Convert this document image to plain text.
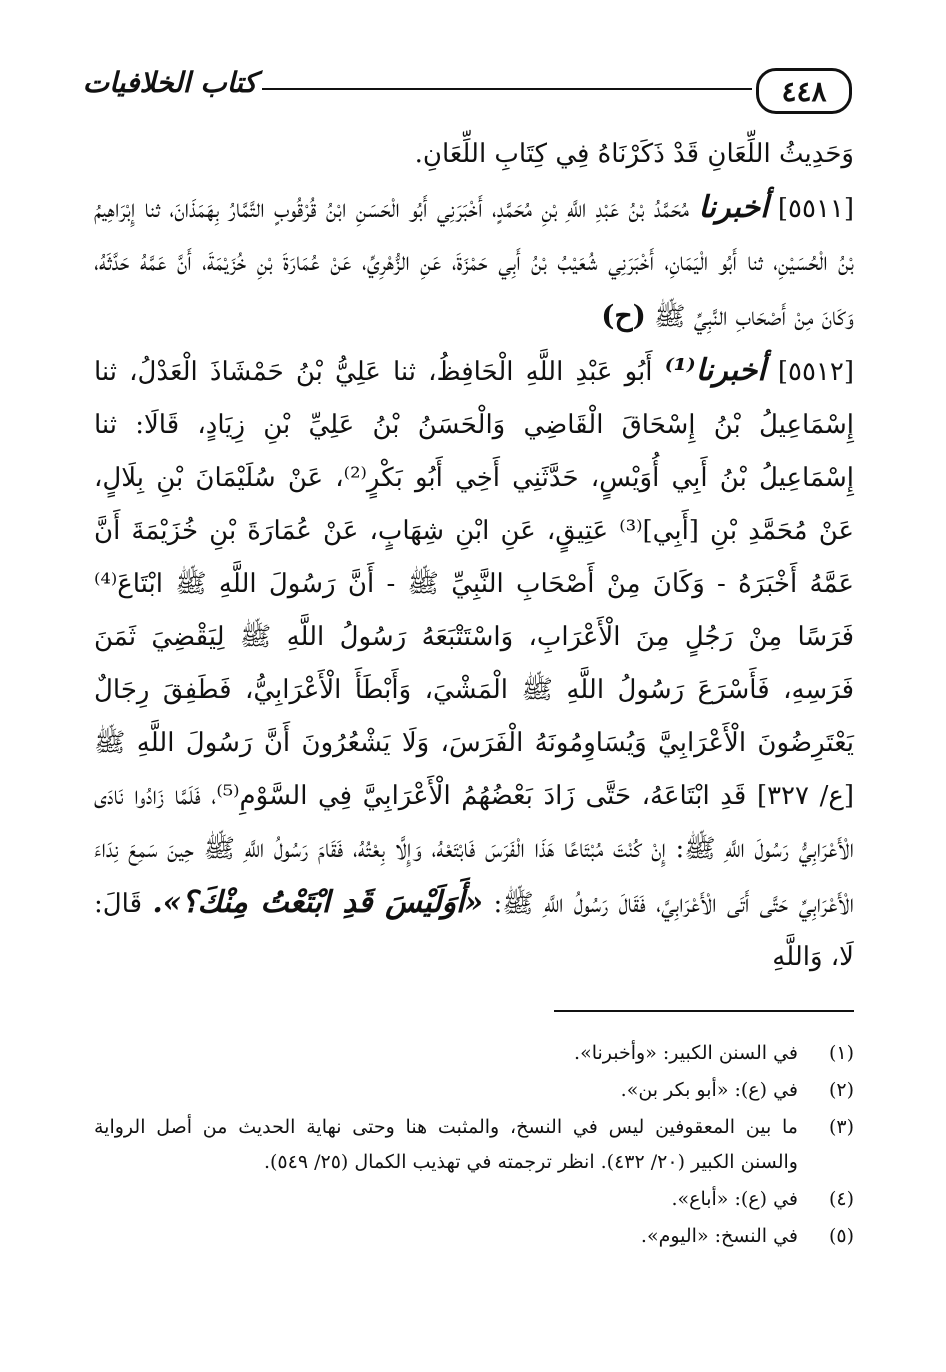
٤٤٨
كتاب الخلافيات

وَحَدِيثُ اللِّعَانِ قَدْ ذَكَرْنَاهُ فِي كِتَابِ اللِّعَانِ.

[٥٥١١] أخبرنا مُحَمَّدُ بْنُ عَبْدِ اللَّهِ بْنِ مُحَمَّدٍ، أَخْبَرَنِي أَبُو الْحَسَنِ ابْنُ قُرْقُوبٍ التَّمَّارُ بِهَمَذَانَ، ثنا إِبْرَاهِيمُ بْنُ الْحُسَيْنِ، ثنا أَبُو الْيَمَانِ، أَخْبَرَنِي شُعَيْبُ بْنُ أَبِي حَمْزَةَ، عَنِ الزُّهْرِيِّ، عَنْ عُمَارَةَ بْنِ خُزَيْمَةَ، أَنَّ عَمَّهُ حَدَّثَهُ، وَكَانَ مِنْ أَصْحَابِ النَّبِيِّ ﷺ (ح)

[٥٥١٢] أخبرنا⁽¹⁾ أَبُو عَبْدِ اللَّهِ الْحَافِظُ، ثنا عَلِيُّ بْنُ حَمْشَاذَ الْعَدْلُ، ثنا إِسْمَاعِيلُ بْنُ إِسْحَاقَ الْقَاضِي وَالْحَسَنُ بْنُ عَلِيِّ بْنِ زِيَادٍ، قَالَا: ثنا إِسْمَاعِيلُ بْنُ أَبِي أُوَيْسٍ، حَدَّثَنِي أَخِي أَبُو بَكْرٍ⁽²⁾، عَنْ سُلَيْمَانَ بْنِ بِلَالٍ، عَنْ مُحَمَّدِ بْنِ [أَبِي]⁽³⁾ عَتِيقٍ، عَنِ ابْنِ شِهَابٍ، عَنْ عُمَارَةَ بْنِ خُزَيْمَةَ أَنَّ عَمَّهُ أَخْبَرَهُ - وَكَانَ مِنْ أَصْحَابِ النَّبِيِّ ﷺ - أَنَّ رَسُولَ اللَّهِ ﷺ ابْتَاعَ⁽⁴⁾ فَرَسًا مِنْ رَجُلٍ مِنَ الْأَعْرَابِ، وَاسْتَتْبَعَهُ رَسُولُ اللَّهِ ﷺ لِيَقْضِيَ ثَمَنَ فَرَسِهِ، فَأَسْرَعَ رَسُولُ اللَّهِ ﷺ الْمَشْيَ، وَأَبْطَأَ الْأَعْرَابِيُّ، فَطَفِقَ رِجَالٌ يَعْتَرِضُونَ الْأَعْرَابِيَّ وَيُسَاوِمُونَهُ الْفَرَسَ، وَلَا يَشْعُرُونَ أَنَّ رَسُولَ اللَّهِ ﷺ [ع/ ٣٢٧] قَدِ ابْتَاعَهُ، حَتَّى زَادَ بَعْضُهُمُ الْأَعْرَابِيَّ فِي السَّوْمِ⁽⁵⁾، فَلَمَّا زَادُوا نَادَى الْأَعْرَابِيُّ رَسُولَ اللَّهِ ﷺ: إِنْ كُنْتَ مُبْتَاعًا هَذَا الْفَرَسَ فَابْتَعْهُ، وَإِلَّا بِعْتُهُ، فَقَامَ رَسُولُ اللَّهِ ﷺ حِينَ سَمِعَ نِدَاءَ الْأَعْرَابِيِّ حَتَّى أَتَى الْأَعْرَابِيَّ، فَقَالَ رَسُولُ اللَّهِ ﷺ: «أَوَلَيْسَ قَدِ ابْتَعْتُ مِنْكَ؟». قَالَ: لَا، وَاللَّهِ

(١)
في السنن الكبير: «وأخبرنا».
(٢)
في (ع): «أبو بكر بن».
(٣)
ما بين المعقوفين ليس في النسخ، والمثبت هنا وحتى نهاية الحديث من أصل الرواية والسنن الكبير (٢٠/ ٤٣٢). انظر ترجمته في تهذيب الكمال (٢٥/ ٥٤٩).
(٤)
في (ع): «أباع».
(٥)
في النسخ: «اليوم».
